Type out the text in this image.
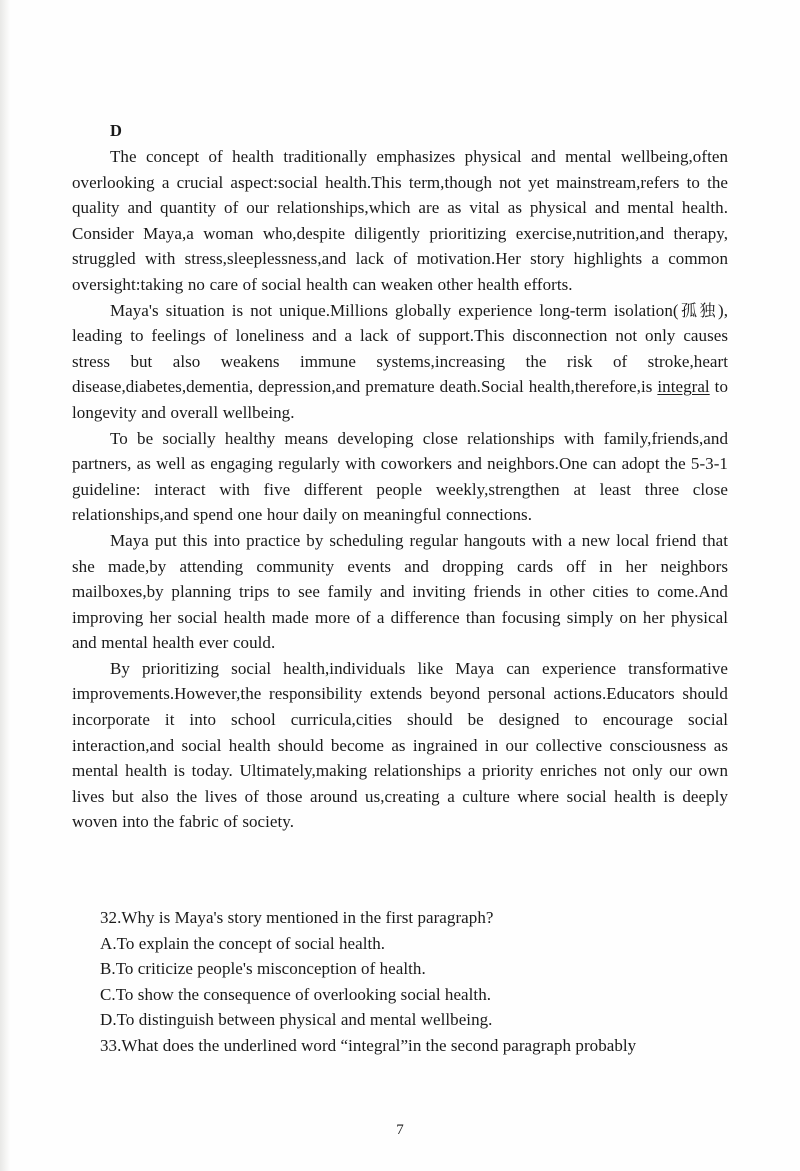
D

The concept of health traditionally emphasizes physical and mental wellbeing,often overlooking a crucial aspect:social health.This term,though not yet mainstream,refers to the quality and quantity of our relationships,which are as vital as physical and mental health. Consider Maya,a woman who,despite diligently prioritizing exercise,nutrition,and therapy, struggled with stress,sleeplessness,and lack of motivation.Her story highlights a common oversight:taking no care of social health can weaken other health efforts.

Maya's situation is not unique.Millions globally experience long-term isolation(孤独), leading to feelings of loneliness and a lack of support.This disconnection not only causes stress but also weakens immune systems,increasing the risk of stroke,heart disease,diabetes,dementia, depression,and premature death.Social health,therefore,is integral to longevity and overall wellbeing.

To be socially healthy means developing close relationships with family,friends,and partners, as well as engaging regularly with coworkers and neighbors.One can adopt the 5-3-1 guideline: interact with five different people weekly,strengthen at least three close relationships,and spend one hour daily on meaningful connections.

Maya put this into practice by scheduling regular hangouts with a new local friend that she made,by attending community events and dropping cards off in her neighbors mailboxes,by planning trips to see family and inviting friends in other cities to come.And improving her social health made more of a difference than focusing simply on her physical and mental health ever could.

By prioritizing social health,individuals like Maya can experience transformative improvements.However,the responsibility extends beyond personal actions.Educators should incorporate it into school curricula,cities should be designed to encourage social interaction,and social health should become as ingrained in our collective consciousness as mental health is today. Ultimately,making relationships a priority enriches not only our own lives but also the lives of those around us,creating a culture where social health is deeply woven into the fabric of society.

32.Why is Maya's story mentioned in the first paragraph?

A.To explain the concept of social health.

B.To criticize people's misconception of health.

C.To show the consequence of overlooking social health.

D.To distinguish between physical and mental wellbeing.

33.What does the underlined word “integral”in the second paragraph probably

7
